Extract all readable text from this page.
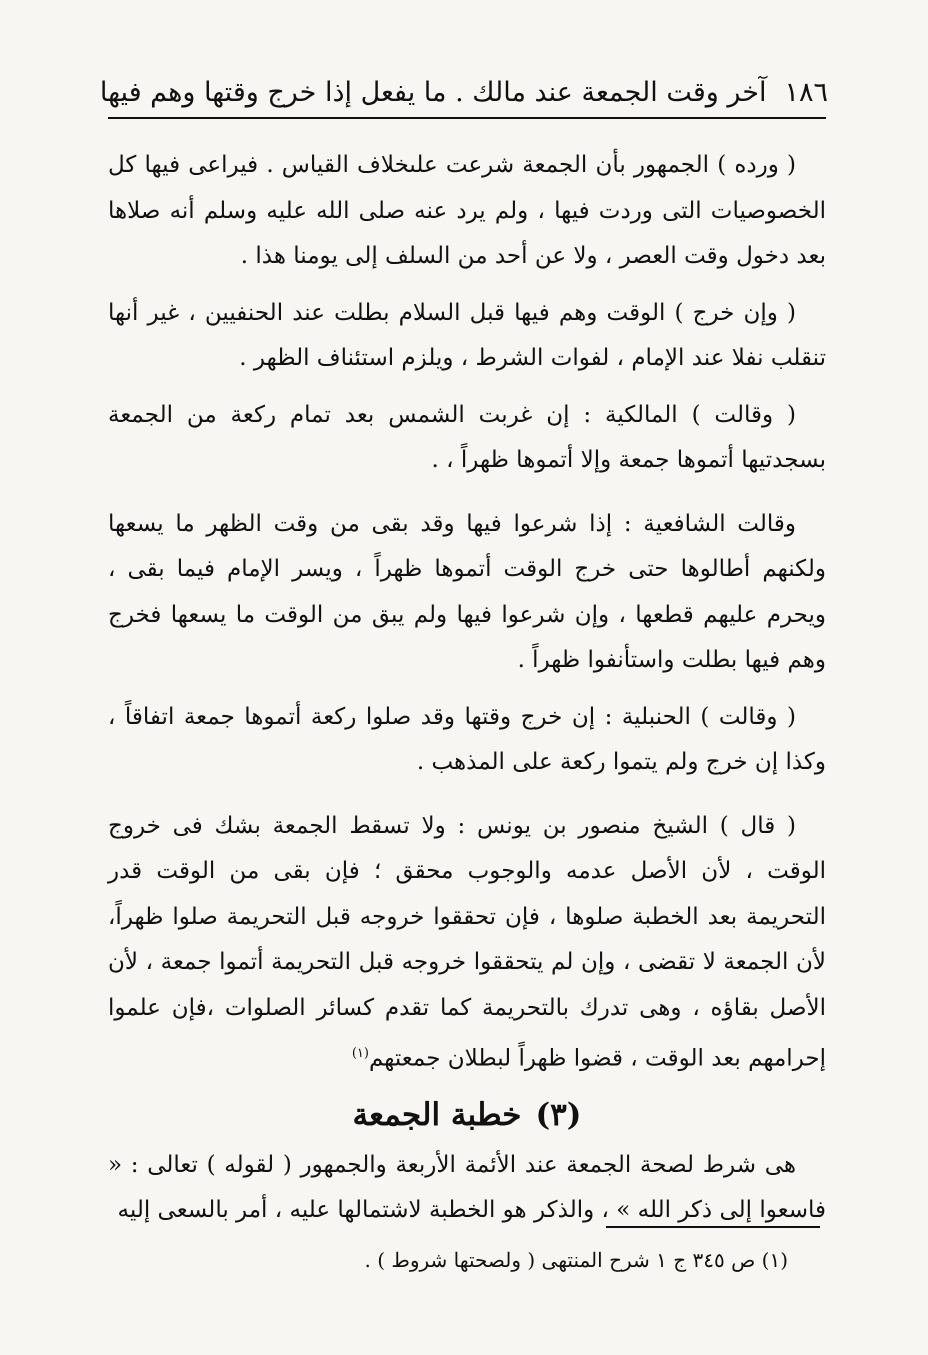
١٨٦
آخر وقت الجمعة عند مالك . ما يفعل إذا خرج وقتها وهم فيها

( ورده ) الجمهور بأن الجمعة شرعت علىخلاف القياس . فيراعى فيها كل الخصوصيات التى وردت فيها ، ولم يرد عنه صلى الله عليه وسلم أنه صلاها بعد دخول وقت العصر ، ولا عن أحد من السلف إلى يومنا هذا .

( وإن خرج ) الوقت وهم فيها قبل السلام بطلت عند الحنفيين ، غير أنها تنقلب نفلا عند الإمام ، لفوات الشرط ، ويلزم استئناف الظهر .

( وقالت ) المالكية : إن غربت الشمس بعد تمام ركعة من الجمعة بسجدتيها أتموها جمعة وإلا أتموها ظهراً ، .

وقالت الشافعية : إذا شرعوا فيها وقد بقى من وقت الظهر ما يسعها ولكنهم أطالوها حتى خرج الوقت أتموها ظهراً ، ويسر الإمام فيما بقى ، ويحرم عليهم قطعها ، وإن شرعوا فيها ولم يبق من الوقت ما يسعها فخرج وهم فيها بطلت واستأنفوا ظهراً .

( وقالت ) الحنبلية : إن خرج وقتها وقد صلوا ركعة أتموها جمعة اتفاقاً ، وكذا إن خرج ولم يتموا ركعة على المذهب .

( قال ) الشيخ منصور بن يونس : ولا تسقط الجمعة بشك فى خروج الوقت ، لأن الأصل عدمه والوجوب محقق ؛ فإن بقى من الوقت قدر التحريمة بعد الخطبة صلوها ، فإن تحققوا خروجه قبل التحريمة صلوا ظهراً، لأن الجمعة لا تقضى ، وإن لم يتحققوا خروجه قبل التحريمة أتموا جمعة ، لأن الأصل بقاؤه ، وهى تدرك بالتحريمة كما تقدم كسائر الصلوات ،فإن علموا إحرامهم بعد الوقت ، قضوا ظهراً لبطلان جمعتهم$^{(١)}$

(٣)خطبة الجمعة

هى شرط لصحة الجمعة عند الأئمة الأربعة والجمهور ( لقوله ) تعالى : « فاسعوا إلى ذكر الله » ، والذكر هو الخطبة لاشتمالها عليه ، أمر بالسعى إليه

(١) ص ٣٤٥ ج ١ شرح المنتهى ( ولصحتها شروط ) .
